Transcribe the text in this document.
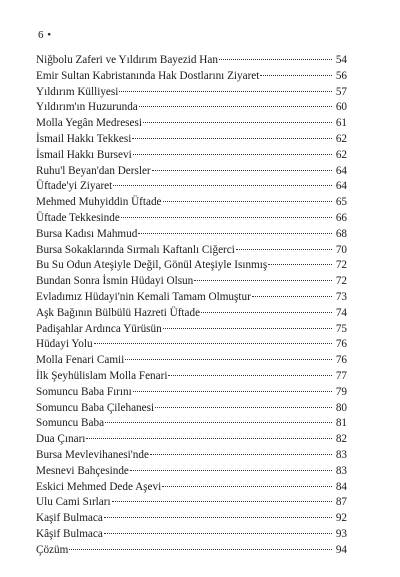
6 •
Niğbolu Zaferi ve Yıldırım Bayezid Han	54
Emir Sultan Kabristanında Hak Dostlarını Ziyaret	56
Yıldırım Külliyesi	57
Yıldırım'ın Huzurunda	60
Molla Yegân Medresesi	61
İsmail Hakkı Tekkesi	62
İsmail Hakkı Bursevi	62
Ruhu'l Beyan'dan Dersler	64
Üftade'yi Ziyaret	64
Mehmed Muhyiddin Üftade	65
Üftade Tekkesinde	66
Bursa Kadısı Mahmud	68
Bursa Sokaklarında Sırmalı Kaftanlı Ciğerci	70
Bu Su Odun Ateşiyle Değil, Gönül Ateşiyle Isınmış	72
Bundan Sonra İsmin Hüdayi Olsun	72
Evladımız Hüdayi'nin Kemali Tamam Olmuştur	73
Aşk Bağının Bülbülü Hazreti Üftade	74
Padişahlar Ardınca Yürüsün	75
Hüdayi Yolu	76
Molla Fenari Camii	76
İlk Şeyhülislam Molla Fenari	77
Somuncu Baba Fırını	79
Somuncu Baba Çilehanesi	80
Somuncu Baba	81
Dua Çınarı	82
Bursa Mevlevihanesi'nde	83
Mesnevi Bahçesinde	83
Eskici Mehmed Dede Aşevi	84
Ulu Cami Sırları	87
Kaşif Bulmaca	92
Kâşif Bulmaca	93
Çözüm	94
